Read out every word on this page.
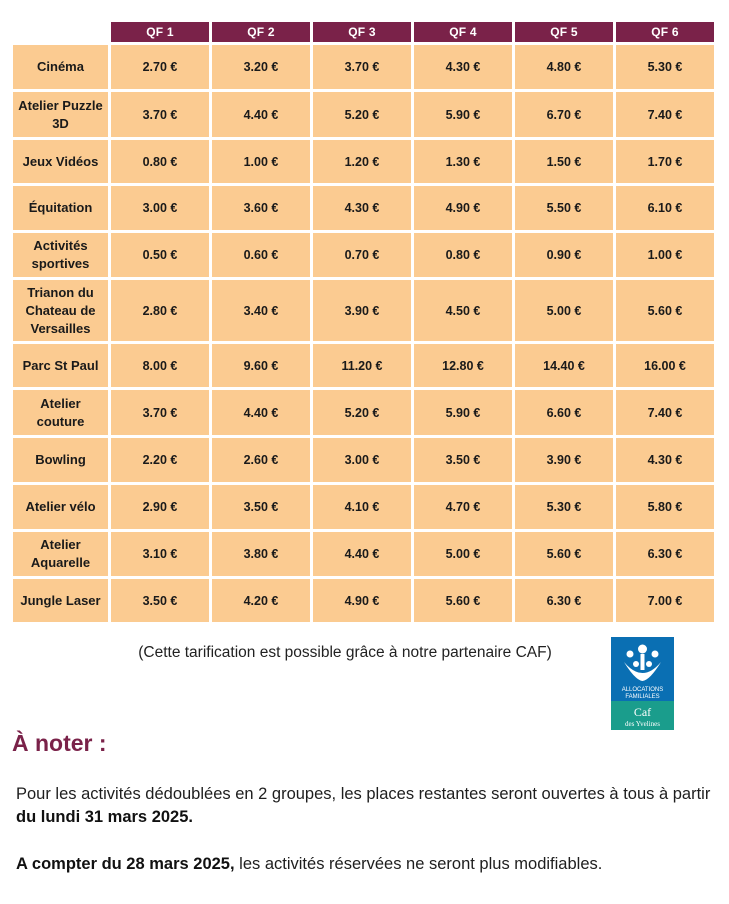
	QF 1	QF 2	QF 3	QF 4	QF 5	QF 6
Cinéma	2.70 €	3.20 €	3.70 €	4.30 €	4.80 €	5.30 €
Atelier Puzzle 3D	3.70 €	4.40 €	5.20 €	5.90 €	6.70 €	7.40 €
Jeux Vidéos	0.80 €	1.00 €	1.20 €	1.30 €	1.50 €	1.70 €
Équitation	3.00 €	3.60 €	4.30 €	4.90 €	5.50 €	6.10 €
Activités sportives	0.50 €	0.60 €	0.70 €	0.80 €	0.90 €	1.00 €
Trianon du Chateau de Versailles	2.80 €	3.40 €	3.90 €	4.50 €	5.00 €	5.60 €
Parc St Paul	8.00 €	9.60 €	11.20 €	12.80 €	14.40 €	16.00 €
Atelier couture	3.70 €	4.40 €	5.20 €	5.90 €	6.60 €	7.40 €
Bowling	2.20 €	2.60 €	3.00 €	3.50 €	3.90 €	4.30 €
Atelier vélo	2.90 €	3.50 €	4.10 €	4.70 €	5.30 €	5.80 €
Atelier Aquarelle	3.10 €	3.80 €	4.40 €	5.00 €	5.60 €	6.30 €
Jungle Laser	3.50 €	4.20 €	4.90 €	5.60 €	6.30 €	7.00 €
(Cette tarification est possible grâce à notre partenaire CAF)
ALLOCATIONS
FAMILIALES
Caf
des Yvelines
À noter :

Pour les activités dédoublées en 2 groupes, les places restantes seront ouvertes à tous à partir du lundi 31 mars 2025.

A compter du 28 mars 2025, les activités réservées ne seront plus modifiables.
